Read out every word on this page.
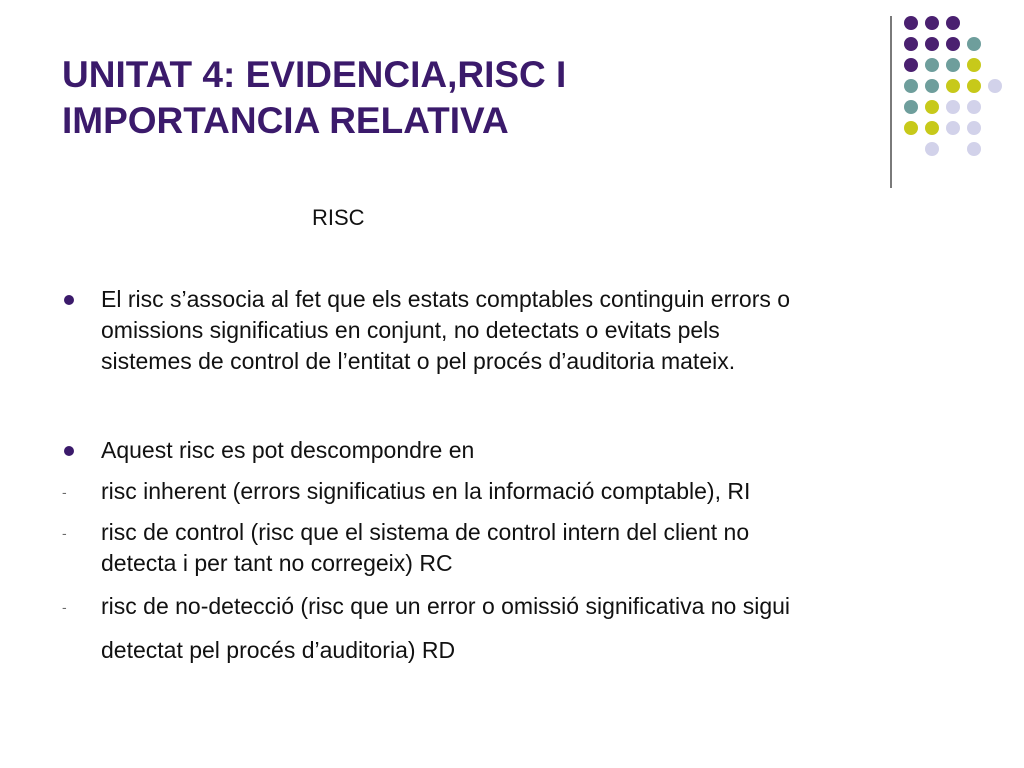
UNITAT 4: EVIDENCIA,RISC I
IMPORTANCIA RELATIVA
RISC
El risc s’associa al fet que els estats comptables continguin errors o
omissions significatius en conjunt, no detectats o evitats pels
sistemes de control de l’entitat o pel procés d’auditoria mateix.
Aquest risc es pot descompondre en
- risc inherent (errors significatius en la informació comptable), RI
- risc de control (risc que el sistema de control intern del client no
detecta i per tant no corregeix) RC
- risc de no-detecció (risc que un error o omissió significativa no sigui
detectat pel procés d’auditoria) RD
